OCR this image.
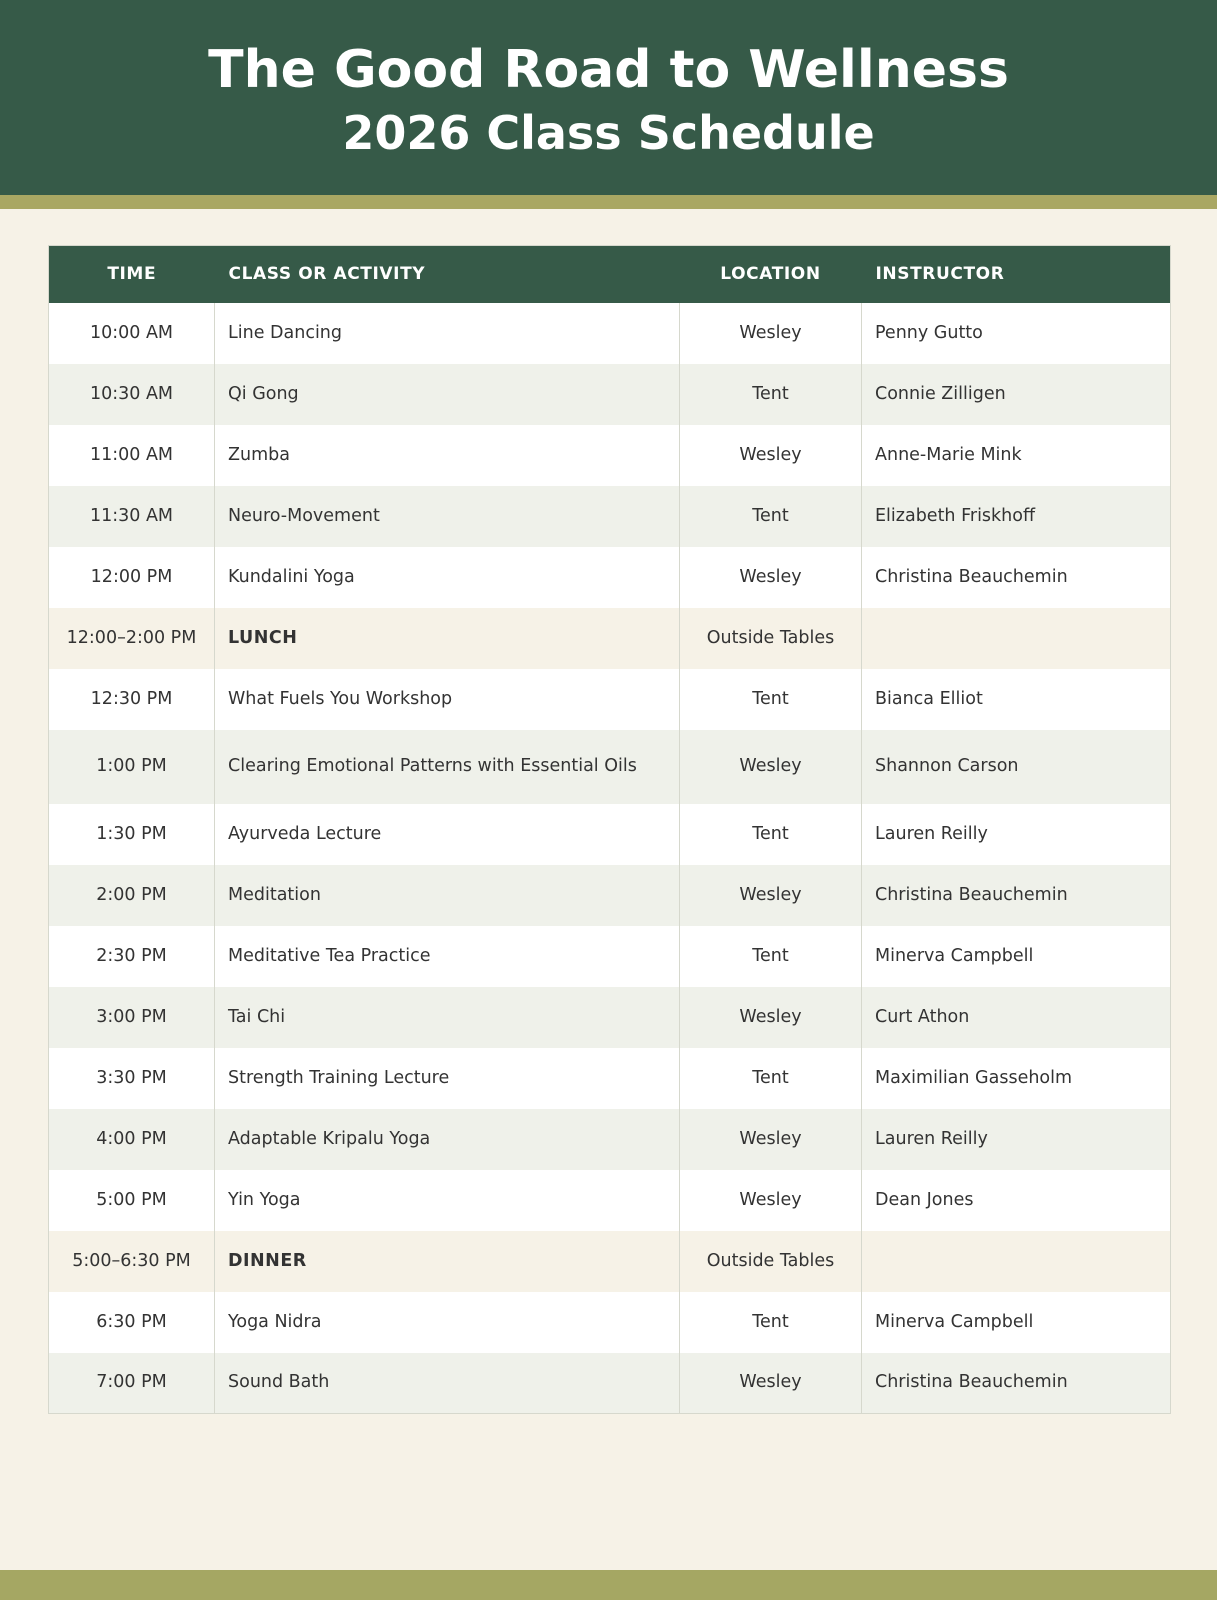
The Good Road to Wellness
2026 Class Schedule
TIME	CLASS OR ACTIVITY	LOCATION	INSTRUCTOR
10:00 AM	Line Dancing	Wesley	Penny Gutto
10:30 AM	Qi Gong	Tent	Connie Zilligen
11:00 AM	Zumba	Wesley	Anne-Marie Mink
11:30 AM	Neuro-Movement	Tent	Elizabeth Friskhoff
12:00 PM	Kundalini Yoga	Wesley	Christina Beauchemin
12:00–2:00 PM	LUNCH	Outside Tables	
12:30 PM	What Fuels You Workshop	Tent	Bianca Elliot
1:00 PM	Clearing Emotional Patterns with Essential Oils	Wesley	Shannon Carson
1:30 PM	Ayurveda Lecture	Tent	Lauren Reilly
2:00 PM	Meditation	Wesley	Christina Beauchemin
2:30 PM	Meditative Tea Practice	Tent	Minerva Campbell
3:00 PM	Tai Chi	Wesley	Curt Athon
3:30 PM	Strength Training Lecture	Tent	Maximilian Gasseholm
4:00 PM	Adaptable Kripalu Yoga	Wesley	Lauren Reilly
5:00 PM	Yin Yoga	Wesley	Dean Jones
5:00–6:30 PM	DINNER	Outside Tables	
6:30 PM	Yoga Nidra	Tent	Minerva Campbell
7:00 PM	Sound Bath	Wesley	Christina Beauchemin
